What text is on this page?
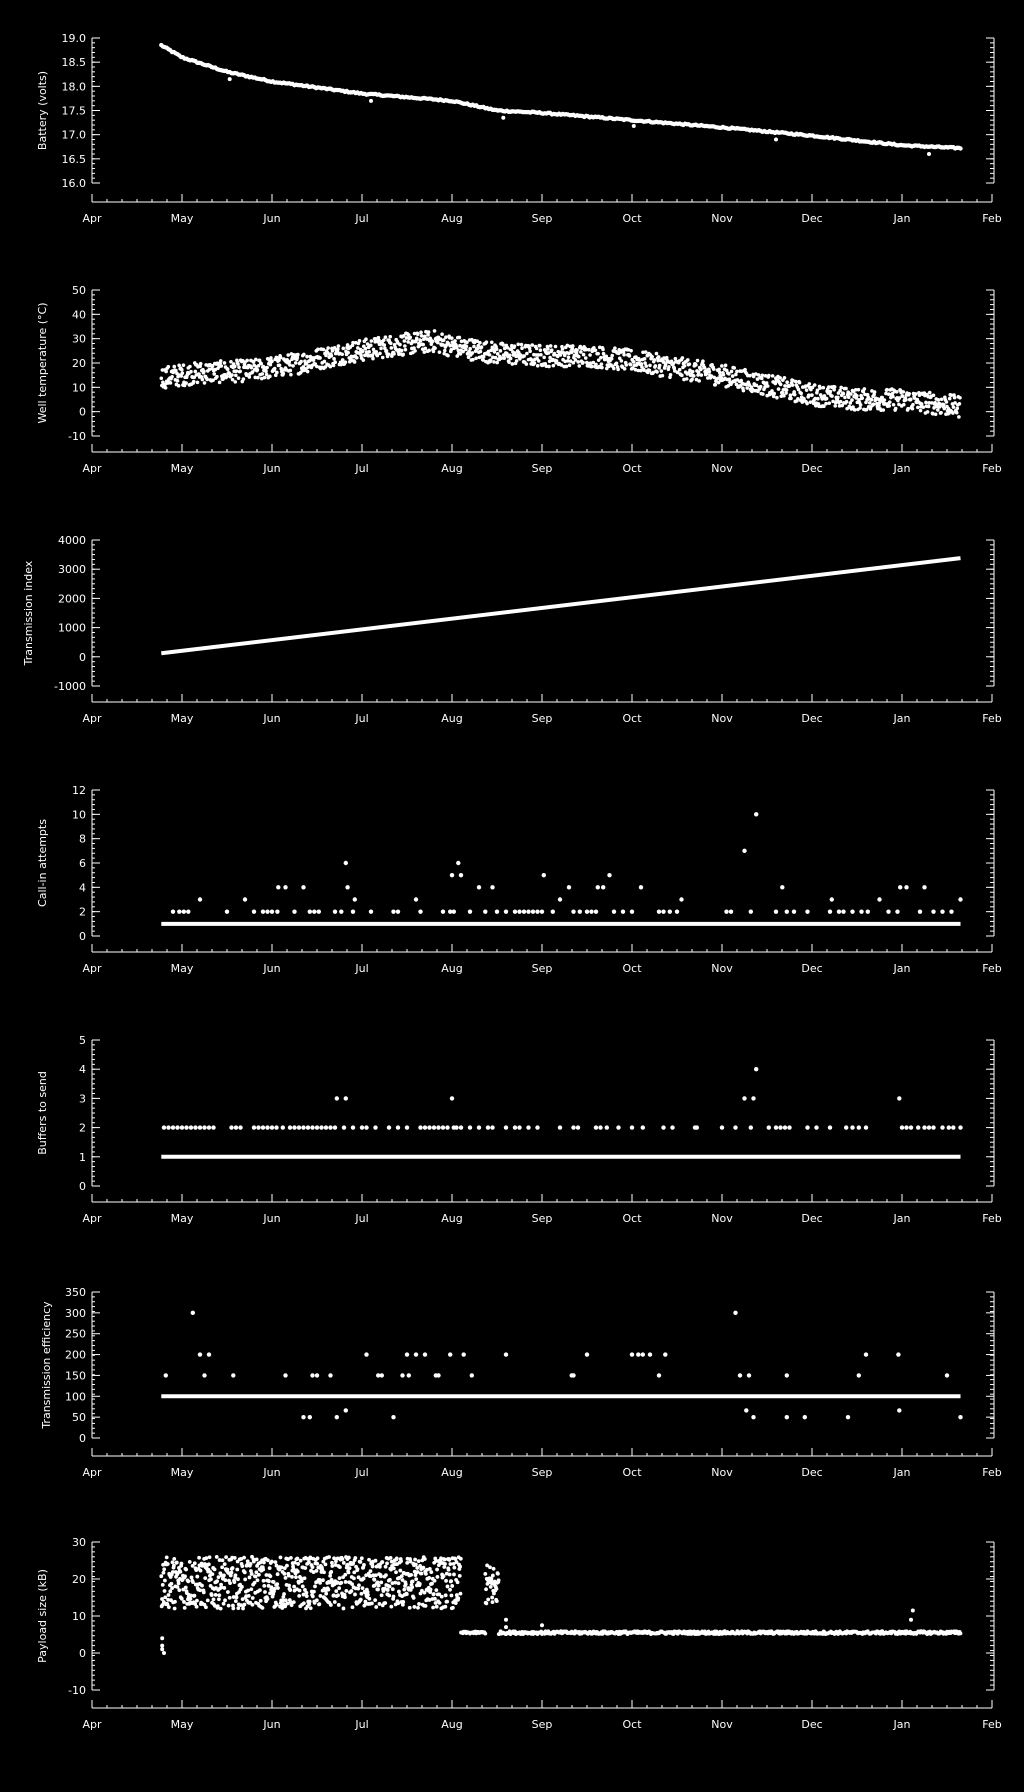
16.0
16.5
17.0
17.5
18.0
18.5
19.0
Battery (volts)
Apr	May	Jun	Jul	Aug	Sep	Oct	Nov	Dec	Jan	Feb
-10
0
10
20
30
40
50
Well temperature (°C)
Apr	May	Jun	Jul	Aug	Sep	Oct	Nov	Dec	Jan	Feb
-1000
0
1000
2000
3000
4000
Transmission index
Apr	May	Jun	Jul	Aug	Sep	Oct	Nov	Dec	Jan	Feb
0
2
4
6
8
10
12
Call-in attempts
Apr	May	Jun	Jul	Aug	Sep	Oct	Nov	Dec	Jan	Feb
0
1
2
3
4
5
Buffers to send
Apr	May	Jun	Jul	Aug	Sep	Oct	Nov	Dec	Jan	Feb
0
50
100
150
200
250
300
350
Transmission efficiency
Apr	May	Jun	Jul	Aug	Sep	Oct	Nov	Dec	Jan	Feb
-10
0
10
20
30
Payload size (kB)
Apr	May	Jun	Jul	Aug	Sep	Oct	Nov	Dec	Jan	Feb
